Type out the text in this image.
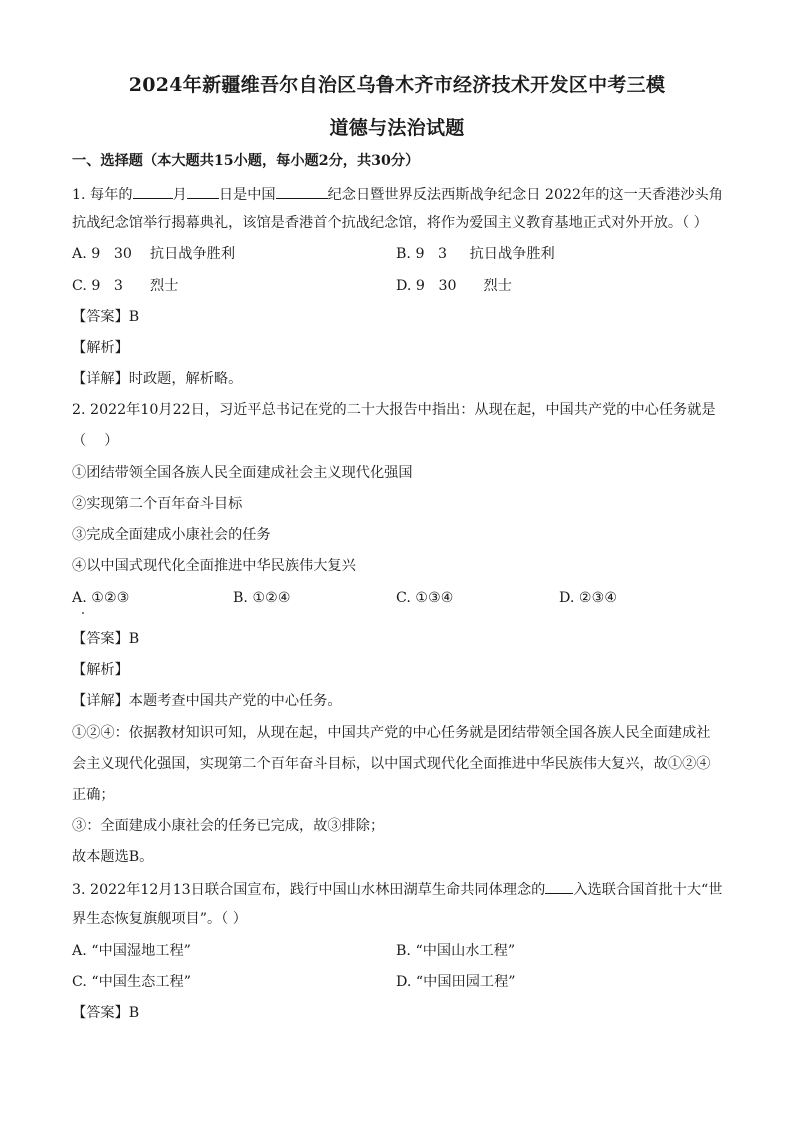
2024年新疆维吾尔自治区乌鲁木齐市经济技术开发区中考三模
道德与法治试题
一、选择题（本大题共15小题，每小题2分，共30分）
1. 每年的	月 日是中国	纪念日暨世界反法西斯战争纪念日 2022年的这一天香港沙头角
抗战纪念馆举行揭幕典礼，该馆是香港首个抗战纪念馆，将作为爱国主义教育基地正式对外开放。（ ）
A. 9   30    抗日战争胜利	B. 9   3     抗日战争胜利
C. 9   3      烈士	D. 9   30      烈士
【答案】B
【解析】
【详解】时政题，解析略。
2. 2022年10月22日，习近平总书记在党的二十大报告中指出：从现在起，中国共产党的中心任务就是
（    ）
①团结带领全国各族人民全面建成社会主义现代化强国
②实现第二个百年奋斗目标
③完成全面建成小康社会的任务
④以中国式现代化全面推进中华民族伟大复兴
A. ①②③	B. ①②④	C. ①③④	D. ②③④
【答案】B
【解析】
【详解】本题考查中国共产党的中心任务。
①②④：依据教材知识可知，从现在起，中国共产党的中心任务就是团结带领全国各族人民全面建成社
会主义现代化强国，实现第二个百年奋斗目标，以中国式现代化全面推进中华民族伟大复兴，故①②④
正确；
③：全面建成小康社会的任务已完成，故③排除；
故本题选B。
3. 2022年12月13日联合国宣布，践行中国山水林田湖草生命共同体理念的 入选联合国首批十大“世
界生态恢复旗舰项目”。（ ）
A. “中国湿地工程”	B. “中国山水工程”
C. “中国生态工程”	D. “中国田园工程”
【答案】B
